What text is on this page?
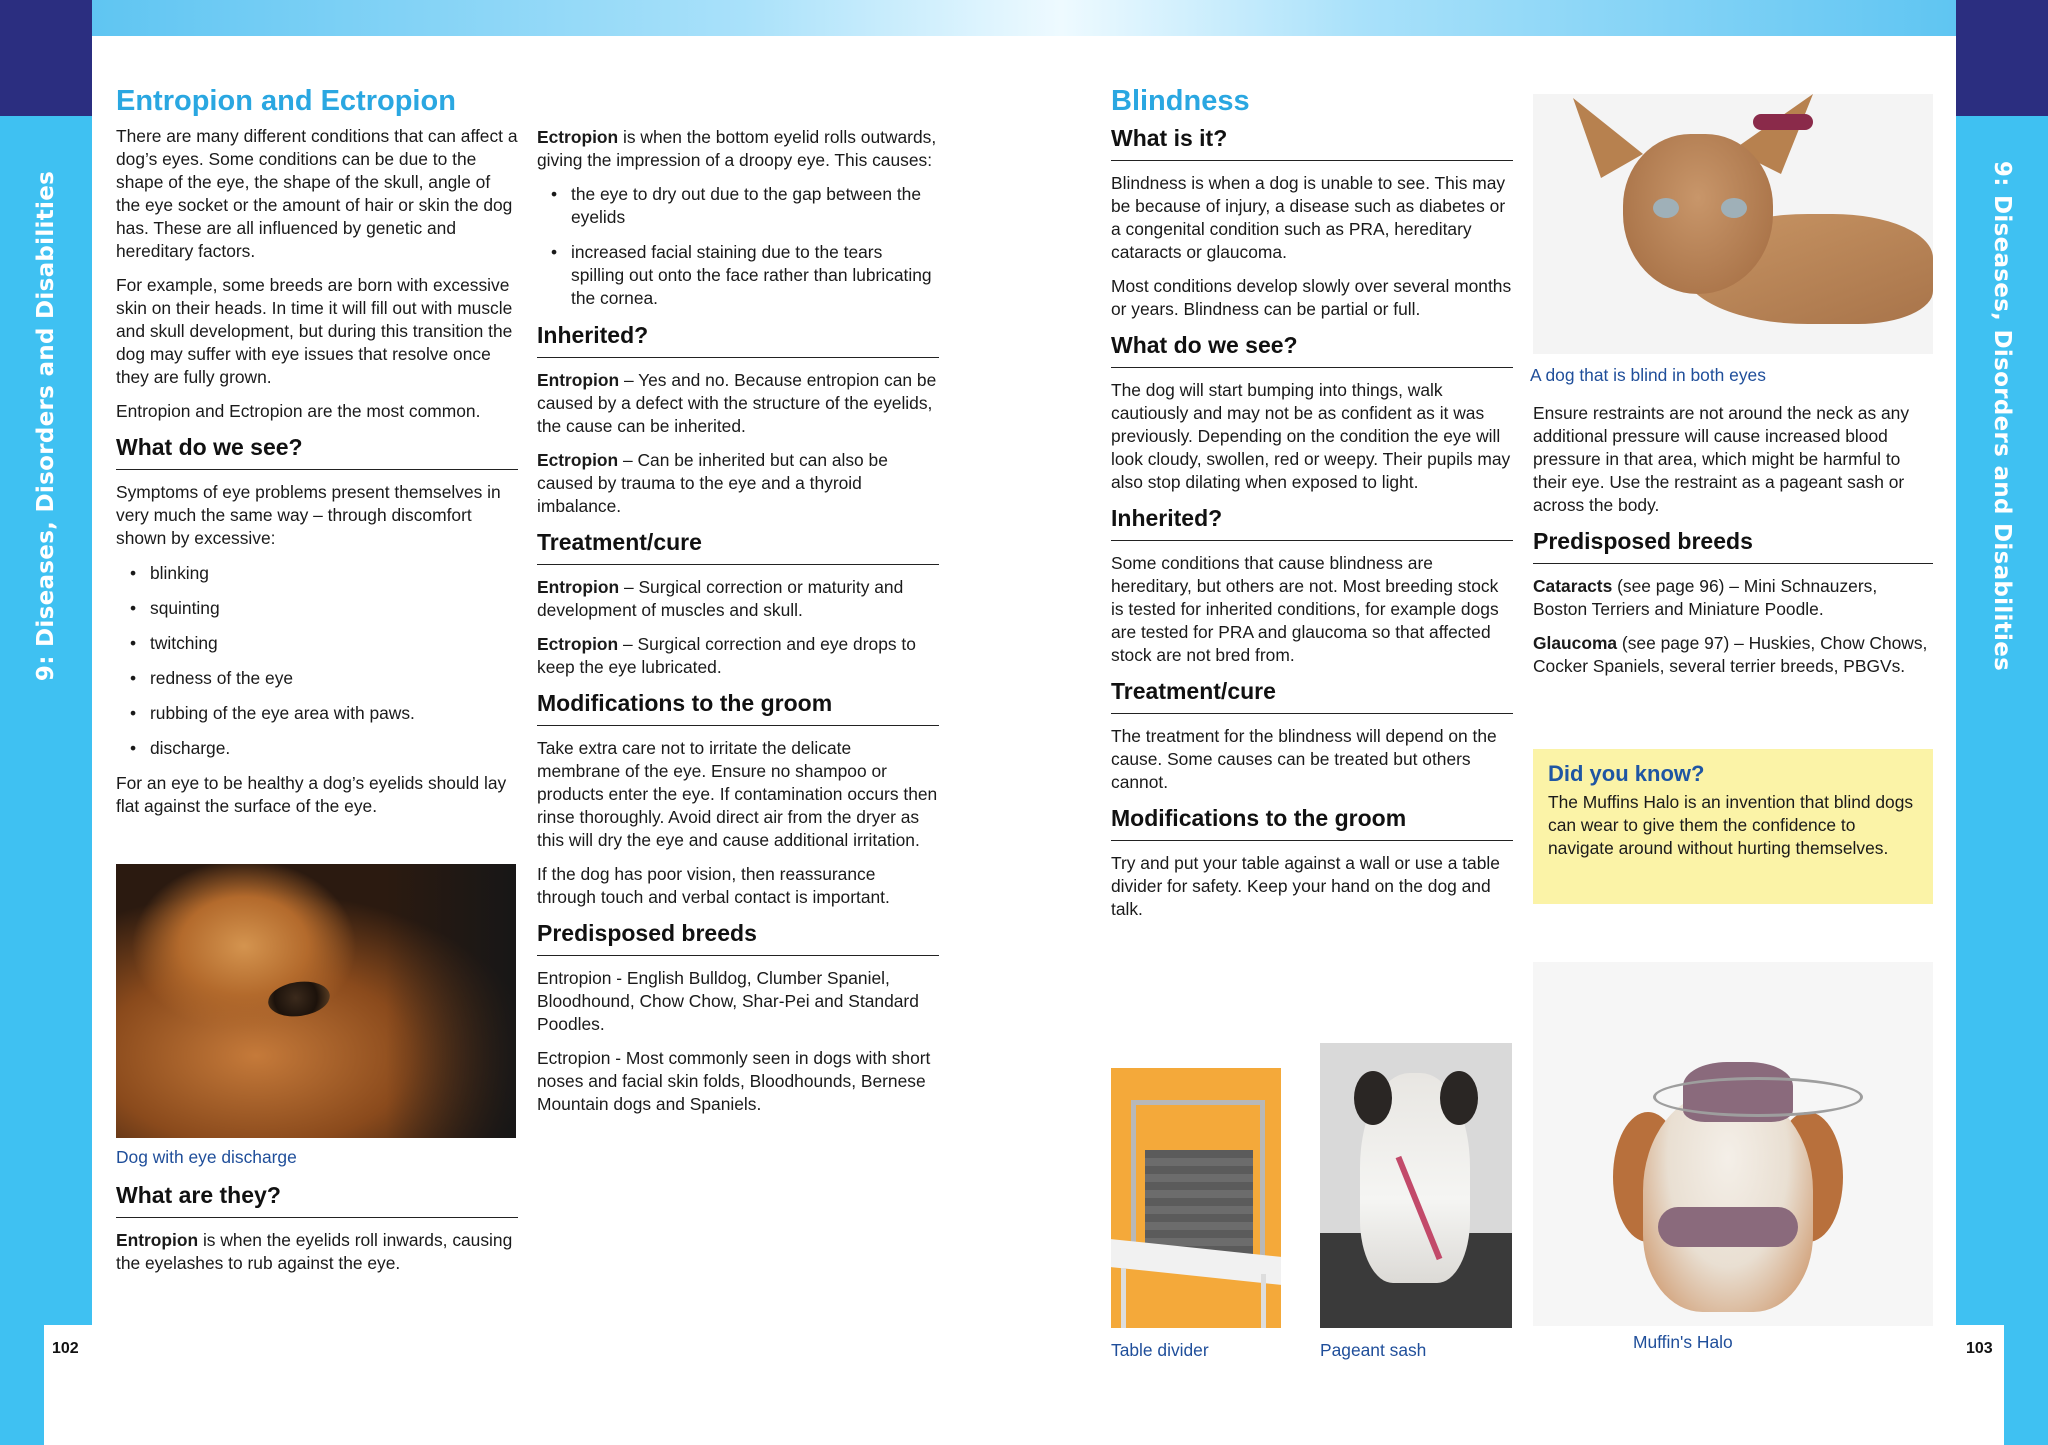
9: Diseases, Disorders and Disabilities	9: Diseases, Disorders and Disabilities
102	103
Entropion and Ectropion

There are many different conditions that can affect a dog’s eyes. Some conditions can be due to the shape of the eye, the shape of the skull, angle of the eye socket or the amount of hair or skin the dog has. These are all influenced by genetic and hereditary factors.

For example, some breeds are born with excessive skin on their heads. In time it will fill out with muscle and skull development, but during this transition the dog may suffer with eye issues that resolve once they are fully grown.

Entropion and Ectropion are the most common.

What do we see?

Symptoms of eye problems present themselves in very much the same way – through discomfort shown by excessive:

• blinking
• squinting
• twitching
• redness of the eye
• rubbing of the eye area with paws.
• discharge.

For an eye to be healthy a dog’s eyelids should lay flat against the surface of the eye.

Dog with eye discharge

What are they?

Entropion is when the eyelids roll inwards, causing the eyelashes to rub against the eye.

Ectropion is when the bottom eyelid rolls outwards, giving the impression of a droopy eye. This causes:

• the eye to dry out due to the gap between the eyelids
• increased facial staining due to the tears spilling out onto the face rather than lubricating the cornea.
Inherited?

Entropion – Yes and no. Because entropion can be caused by a defect with the structure of the eyelids, the cause can be inherited.

Ectropion – Can be inherited but can also be caused by trauma to the eye and a thyroid imbalance.

Treatment/cure

Entropion – Surgical correction or maturity and development of muscles and skull.

Ectropion – Surgical correction and eye drops to keep the eye lubricated.

Modifications to the groom

Take extra care not to irritate the delicate membrane of the eye. Ensure no shampoo or products enter the eye. If contamination occurs then rinse thoroughly. Avoid direct air from the dryer as this will dry the eye and cause additional irritation.

If the dog has poor vision, then reassurance through touch and verbal contact is important.

Predisposed breeds

Entropion - English Bulldog, Clumber Spaniel, Bloodhound, Chow Chow, Shar-Pei and Standard Poodles.

Ectropion - Most commonly seen in dogs with short noses and facial skin folds, Bloodhounds, Bernese Mountain dogs and Spaniels.

Blindness
What is it?

Blindness is when a dog is unable to see. This may be because of injury, a disease such as diabetes or a congenital condition such as PRA, hereditary cataracts or glaucoma.

Most conditions develop slowly over several months or years. Blindness can be partial or full.

What do we see?

The dog will start bumping into things, walk cautiously and may not be as confident as it was previously. Depending on the condition the eye will look cloudy, swollen, red or weepy. Their pupils may also stop dilating when exposed to light.

Inherited?

Some conditions that cause blindness are hereditary, but others are not. Most breeding stock is tested for inherited conditions, for example dogs are tested for PRA and glaucoma so that affected stock are not bred from.

Treatment/cure

The treatment for the blindness will depend on the cause. Some causes can be treated but others cannot.

Modifications to the groom

Try and put your table against a wall or use a table divider for safety. Keep your hand on the dog and talk.

Table divider	Pageant sash

A dog that is blind in both eyes

Ensure restraints are not around the neck as any additional pressure will cause increased blood pressure in that area, which might be harmful to their eye. Use the restraint as a pageant sash or across the body.

Predisposed breeds

Cataracts (see page 96) – Mini Schnauzers, Boston Terriers and Miniature Poodle.

Glaucoma (see page 97) – Huskies, Chow Chows, Cocker Spaniels, several terrier breeds, PBGVs.

Did you know?

The Muffins Halo is an invention that blind dogs can wear to give them the confidence to navigate around without hurting themselves.

Muffin's Halo
